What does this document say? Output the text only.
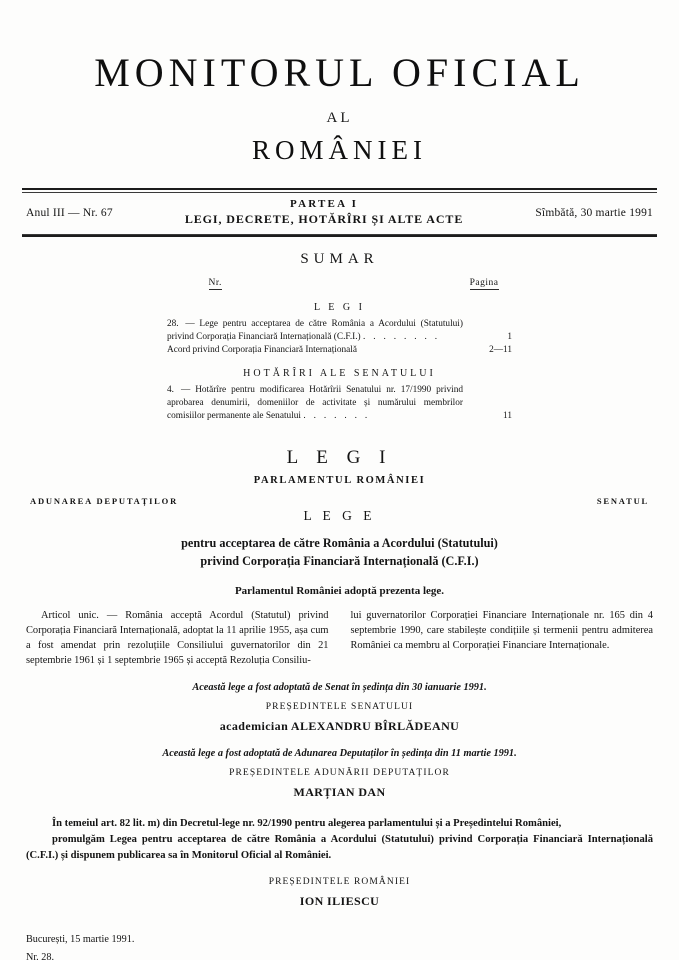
MONITORUL OFICIAL
AL
ROMÂNIEI
Anul III — Nr. 67
PARTEA I
LEGI, DECRETE, HOTĂRÎRI ȘI ALTE ACTE	Sîmbătă, 30 martie 1991
SUMAR
Nr.	Pagina
L E G I
28. — Lege pentru acceptarea de către România a Acordului (Statutului) privind Corporația Financiară Internațională (C.F.I.) . . . . . . . .	1
Acord privind Corporația Financiară Internațională	2—11
HOTĂRÎRI ALE SENATULUI
4. — Hotărîre pentru modificarea Hotărîrii Senatului nr. 17/1990 privind aprobarea denumirii, domeniilor de activitate și numărului membrilor comisiilor permanente ale Senatului . . . . . . .	11
L E G I
PARLAMENTUL ROMÂNIEI
ADUNAREA DEPUTAȚILOR	SENATUL
L E G E
pentru acceptarea de către România a Acordului (Statutului)
privind Corporația Financiară Internațională (C.F.I.)
Parlamentul României adoptă prezenta lege.

Articol unic. — România acceptă Acordul (Statutul) privind Corporația Financiară Internațională, adoptat la 11 aprilie 1955, așa cum a fost amendat prin rezoluțiile Consiliului guvernatorilor din 21 septembrie 1961 și 1 septembrie 1965 și acceptă Rezoluția Consiliu-

lui guvernatorilor Corporației Financiare Internaționale nr. 165 din 4 septembrie 1990, care stabilește condițiile și termenii pentru admiterea României ca membru al Corporației Financiare Internaționale.

Această lege a fost adoptată de Senat în ședința din 30 ianuarie 1991.
PREȘEDINTELE SENATULUI
academician ALEXANDRU BÎRLĂDEANU
Această lege a fost adoptată de Adunarea Deputaților în ședința din 11 martie 1991.
PREȘEDINTELE ADUNĂRII DEPUTAȚILOR
MARȚIAN DAN

În temeiul art. 82 lit. m) din Decretul-lege nr. 92/1990 pentru alegerea parlamentului și a Președintelui României,

promulgăm Legea pentru acceptarea de către România a Acordului (Statutului) privind Corporația Financiară Internațională (C.F.I.) și dispunem publicarea sa în Monitorul Oficial al României.

PREȘEDINTELE ROMÂNIEI
ION ILIESCU
București, 15 martie 1991.
Nr. 28.
